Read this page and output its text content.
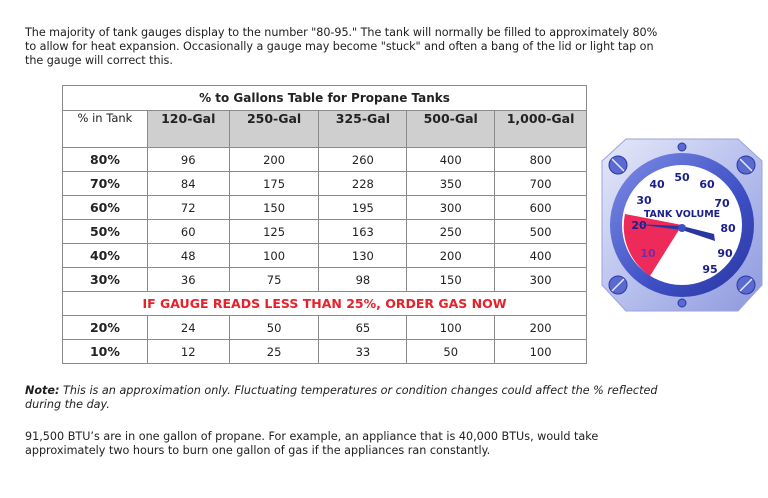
The majority of tank gauges display to the number "80-95." The tank will normally be filled to approximately 80% to allow for heat expansion. Occasionally a gauge may become "stuck" and often a bang of the lid or light tap on the gauge will correct this.

% to Gallons Table for Propane Tanks					
% in Tank	120-Gal	250-Gal	325-Gal	500-Gal	1,000-Gal
80%	96	200	260	400	800
70%	84	175	228	350	700
60%	72	150	195	300	600
50%	60	125	163	250	500
40%	48	100	130	200	400
30%	36	75	98	150	300
IF GAUGE READS LESS THAN 25%, ORDER GAS NOW					
20%	24	50	65	100	200
10%	12	25	33	50	100
50
40	60
30	70
20	80
10	90
5	95
TANK VOLUME
Note: This is an approximation only. Fluctuating temperatures or condition changes could affect the % reflected during the day.
91,500 BTU’s are in one gallon of propane. For example, an appliance that is 40,000 BTUs, would take approximately two hours to burn one gallon of gas if the appliances ran constantly.
